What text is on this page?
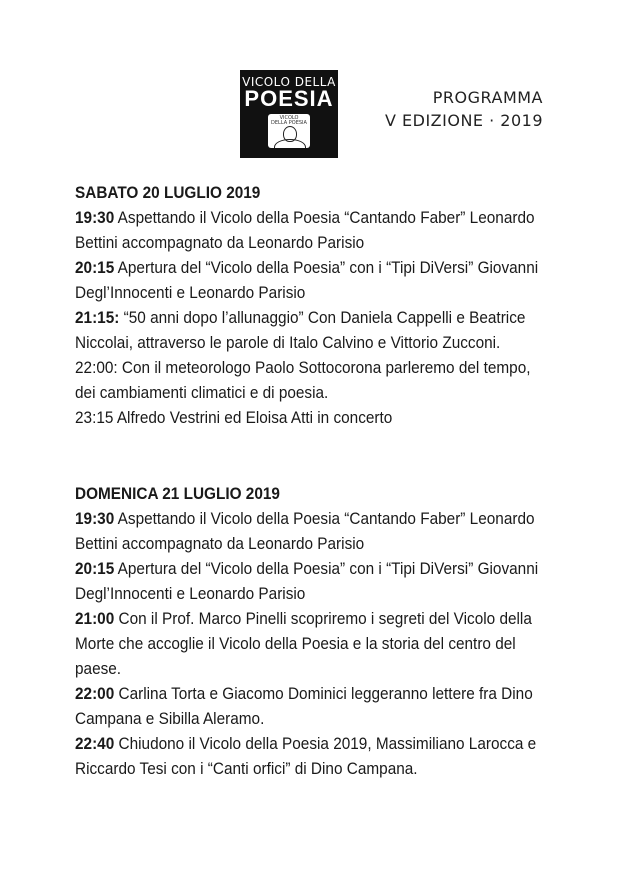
VICOLO DELLA
POESIA
VICOLO DELLA POESIA
PROGRAMMA
V EDIZIONE · 2019
SABATO 20 LUGLIO 2019
19:30 Aspettando il Vicolo della Poesia “Cantando Faber” Leonardo Bettini accompagnato da Leonardo Parisio
20:15 Apertura del “Vicolo della Poesia” con i “Tipi DiVersi” Giovanni Degl’Innocenti e Leonardo Parisio
21:15: “50 anni dopo l’allunaggio” Con Daniela Cappelli e Beatrice Niccolai, attraverso le parole di Italo Calvino e Vittorio Zucconi.
22:00: Con il meteorologo Paolo Sottocorona parleremo del tempo, dei cambiamenti climatici e di poesia.
23:15 Alfredo Vestrini ed Eloisa Atti in concerto
DOMENICA 21 LUGLIO 2019
19:30 Aspettando il Vicolo della Poesia “Cantando Faber” Leonardo Bettini accompagnato da Leonardo Parisio
20:15 Apertura del “Vicolo della Poesia” con i “Tipi DiVersi” Giovanni Degl’Innocenti e Leonardo Parisio
21:00 Con il Prof. Marco Pinelli scopriremo i segreti del Vicolo della Morte che accoglie il Vicolo della Poesia e la storia del centro del paese.
22:00 Carlina Torta e Giacomo Dominici leggeranno lettere fra Dino Campana e Sibilla Aleramo.
22:40 Chiudono il Vicolo della Poesia 2019, Massimiliano Larocca e Riccardo Tesi con i “Canti orfici” di Dino Campana.
